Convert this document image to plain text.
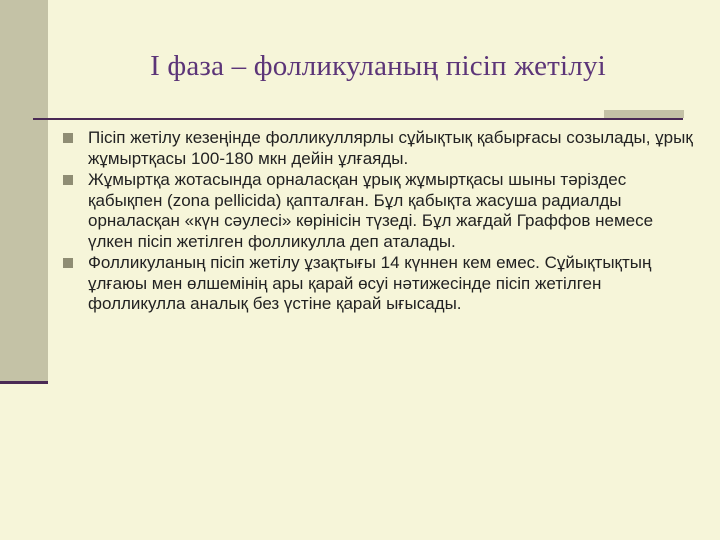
І фаза – фолликуланың пісіп жетілуі
Пісіп жетілу кезеңінде фолликуллярлы сұйықтық қабырғасы созылады, ұрық жұмыртқасы 100-180 мкн дейін ұлғаяды.
Жұмыртқа жотасында орналасқан ұрық жұмыртқасы шыны тәріздес қабықпен (zona pellicida) қапталған. Бұл қабықта жасуша радиалды орналасқан «күн сәулесі» көрінісін түзеді. Бұл жағдай Граффов немесе үлкен пісіп жетілген фолликулла деп аталады.
Фолликуланың пісіп жетілу ұзақтығы 14 күннен кем емес. Сұйықтықтың ұлғаюы мен өлшемінің ары қарай өсуі нәтижесінде пісіп жетілген фолликулла аналық без үстіне қарай ығысады.
